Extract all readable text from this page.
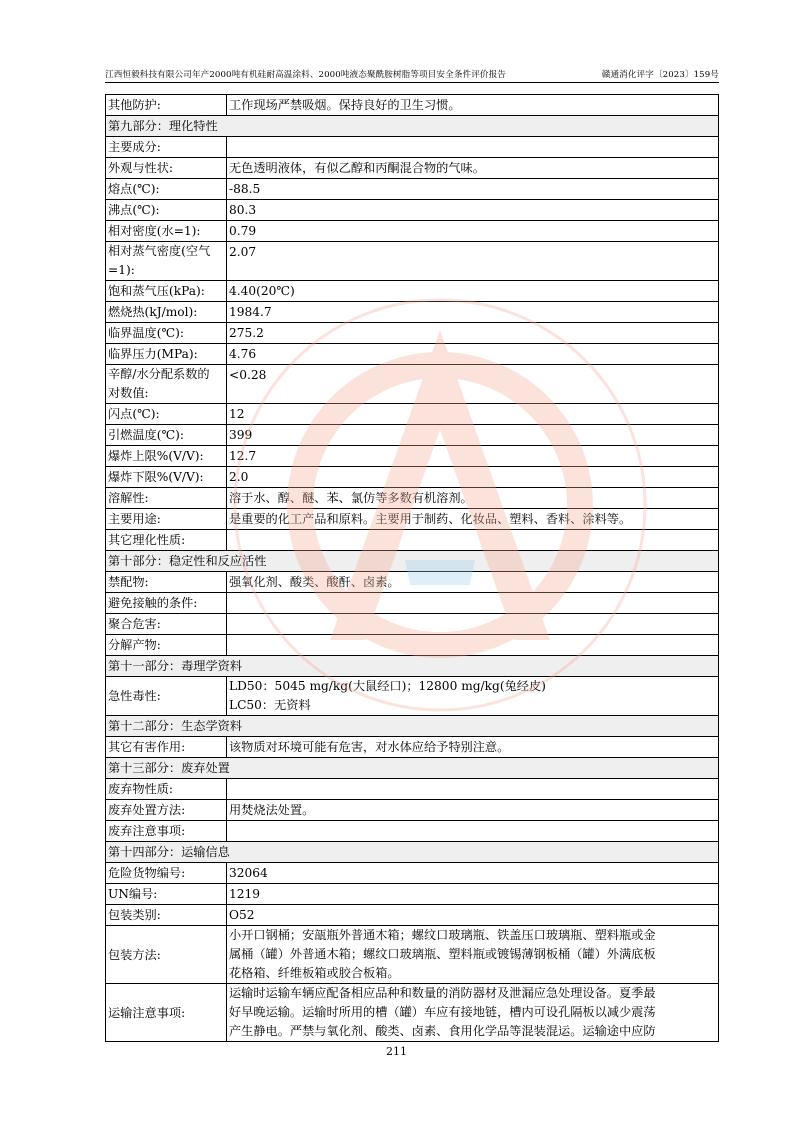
江西恒毅科技有限公司年产2000吨有机硅耐高温涂料、2000吨液态聚酰胺树脂等项目安全条件评价报告	赣通消化评字〔2023〕159号
其他防护:	工作现场严禁吸烟。保持良好的卫生习惯。
第九部分：理化特性	
主要成分:	
外观与性状:	无色透明液体，有似乙醇和丙酮混合物的气味。
熔点(℃):	-88.5
沸点(℃):	80.3
相对密度(水=1):	0.79

相对蒸气密度(空气
=1):	2.07
饱和蒸气压(kPa):	4.40(20℃)
燃烧热(kJ/mol):	1984.7
临界温度(℃):	275.2
临界压力(MPa):	4.76

辛醇/水分配系数的
对数值:	<0.28
闪点(℃):	12
引燃温度(℃):	399
爆炸上限%(V/V):	12.7
爆炸下限%(V/V):	2.0
溶解性:	溶于水、醇、醚、苯、氯仿等多数有机溶剂。
主要用途:	是重要的化工产品和原料。主要用于制药、化妆品、塑料、香料、涂料等。
其它理化性质:	
第十部分：稳定性和反应活性	
禁配物:	强氧化剂、酸类、酸酐、卤素。
避免接触的条件:	
聚合危害:	
分解产物:	
第十一部分：毒理学资料	
急性毒性:	LD50：5045 mg/kg(大鼠经口)；12800 mg/kg(兔经皮)
LC50：无资料

第十二部分：生态学资料	
其它有害作用:	该物质对环境可能有危害，对水体应给予特别注意。
第十三部分：废弃处置	
废弃物性质:	
废弃处置方法:	用焚烧法处置。
废弃注意事项:	
第十四部分：运输信息	
危险货物编号:	32064
UN编号:	1219
包装类别:	O52
包装方法:	小开口钢桶；安瓿瓶外普通木箱；螺纹口玻璃瓶、铁盖压口玻璃瓶、塑料瓶或金
属桶（罐）外普通木箱；螺纹口玻璃瓶、塑料瓶或镀锡薄钢板桶（罐）外满底板
花格箱、纤维板箱或胶合板箱。

运输注意事项:	运输时运输车辆应配备相应品种和数量的消防器材及泄漏应急处理设备。夏季最
好早晚运输。运输时所用的槽（罐）车应有接地链，槽内可设孔隔板以减少震荡
产生静电。严禁与氧化剂、酸类、卤素、食用化学品等混装混运。运输途中应防
211
